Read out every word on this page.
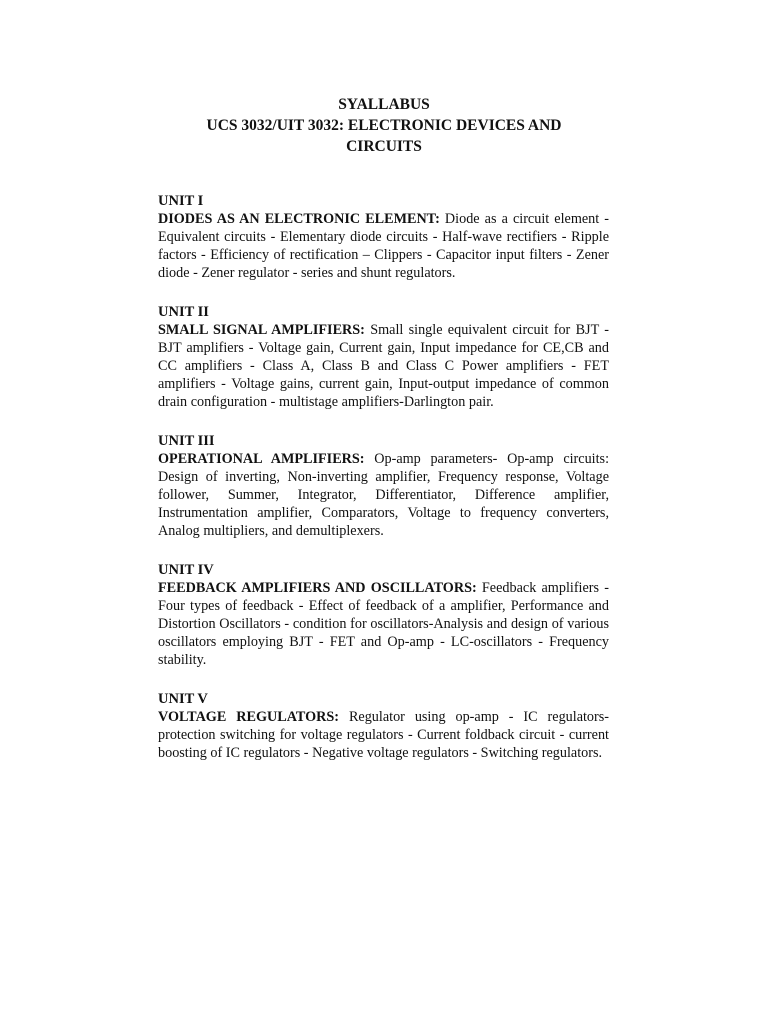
SYALLABUS
UCS 3032/UIT 3032: ELECTRONIC DEVICES AND
CIRCUITS

UNIT I

DIODES AS AN ELECTRONIC ELEMENT: Diode as a circuit element - Equivalent circuits - Elementary diode circuits - Half-wave rectifiers - Ripple factors - Efficiency of rectification – Clippers - Capacitor input filters - Zener diode - Zener regulator - series and shunt regulators.

UNIT II

SMALL SIGNAL AMPLIFIERS: Small single equivalent circuit for BJT - BJT amplifiers - Voltage gain, Current gain, Input impedance for CE,CB and CC amplifiers - Class A, Class B and Class C Power amplifiers - FET amplifiers - Voltage gains, current gain, Input-output impedance of common drain configuration - multistage amplifiers-Darlington pair.

UNIT III

OPERATIONAL AMPLIFIERS: Op-amp parameters- Op-amp circuits: Design of inverting, Non-inverting amplifier, Frequency response, Voltage follower, Summer, Integrator, Differentiator, Difference amplifier, Instrumentation amplifier, Comparators, Voltage to frequency converters, Analog multipliers, and demultiplexers.

UNIT IV

FEEDBACK AMPLIFIERS AND OSCILLATORS: Feedback amplifiers - Four types of feedback - Effect of feedback of a amplifier, Performance and Distortion Oscillators - condition for oscillators-Analysis and design of various oscillators employing BJT - FET and Op-amp - LC-oscillators - Frequency stability.

UNIT V

VOLTAGE REGULATORS: Regulator using op-amp - IC regulators-protection switching for voltage regulators - Current foldback circuit - current boosting of IC regulators - Negative voltage regulators - Switching regulators.
